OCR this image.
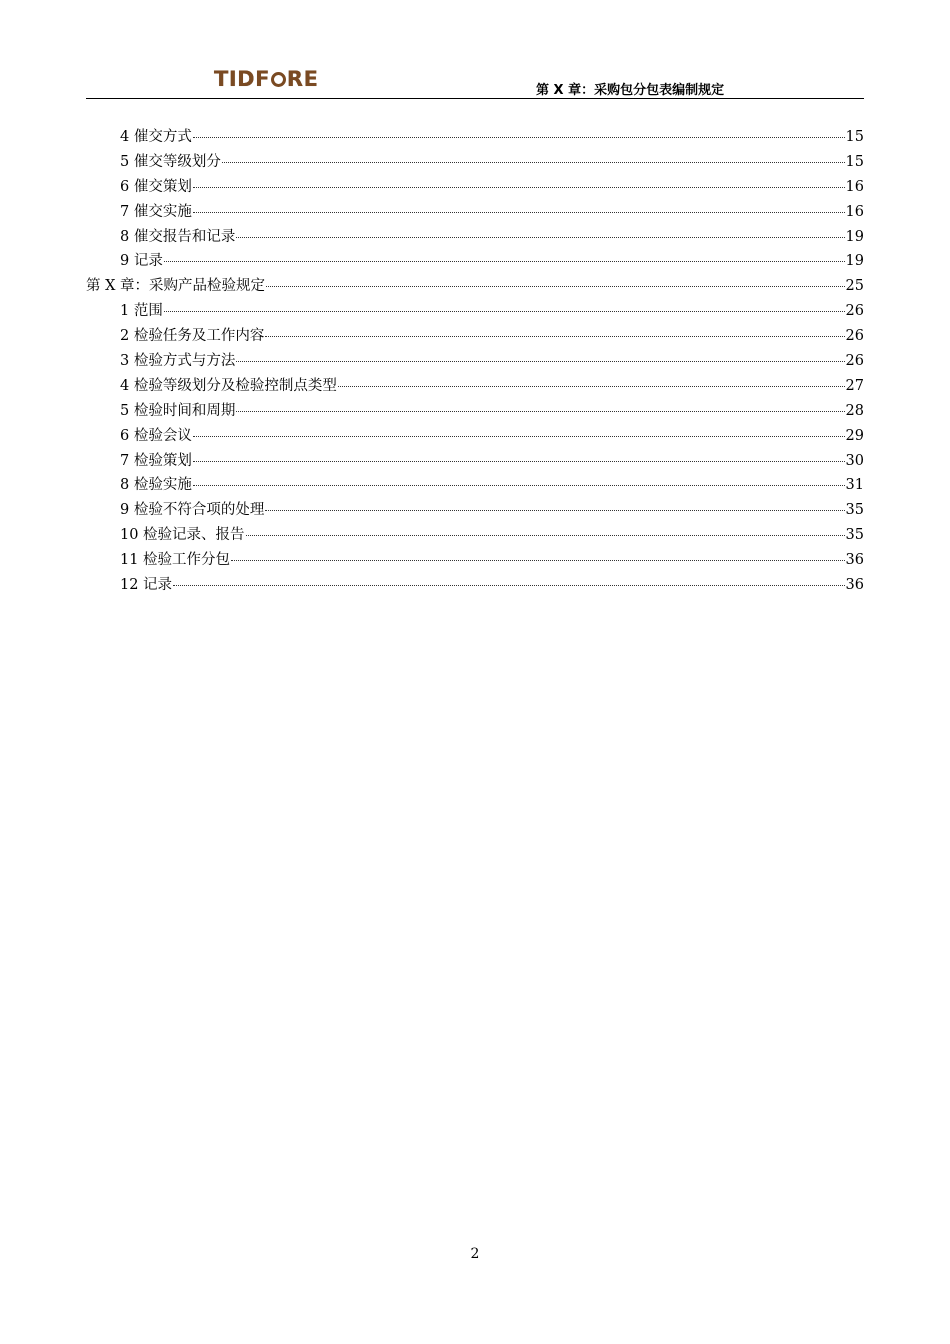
TIDF RE	第 X 章：采购包分包表编制规定
4 催交方式	15
5 催交等级划分	15
6 催交策划	16
7 催交实施	16
8 催交报告和记录	19
9 记录	19
第 X 章：采购产品检验规定	25
1 范围	26
2 检验任务及工作内容	26
3 检验方式与方法	26
4 检验等级划分及检验控制点类型	27
5 检验时间和周期	28
6 检验会议	29
7 检验策划	30
8 检验实施	31
9 检验不符合项的处理	35
10 检验记录、报告	35
11 检验工作分包	36
12 记录	36
2
